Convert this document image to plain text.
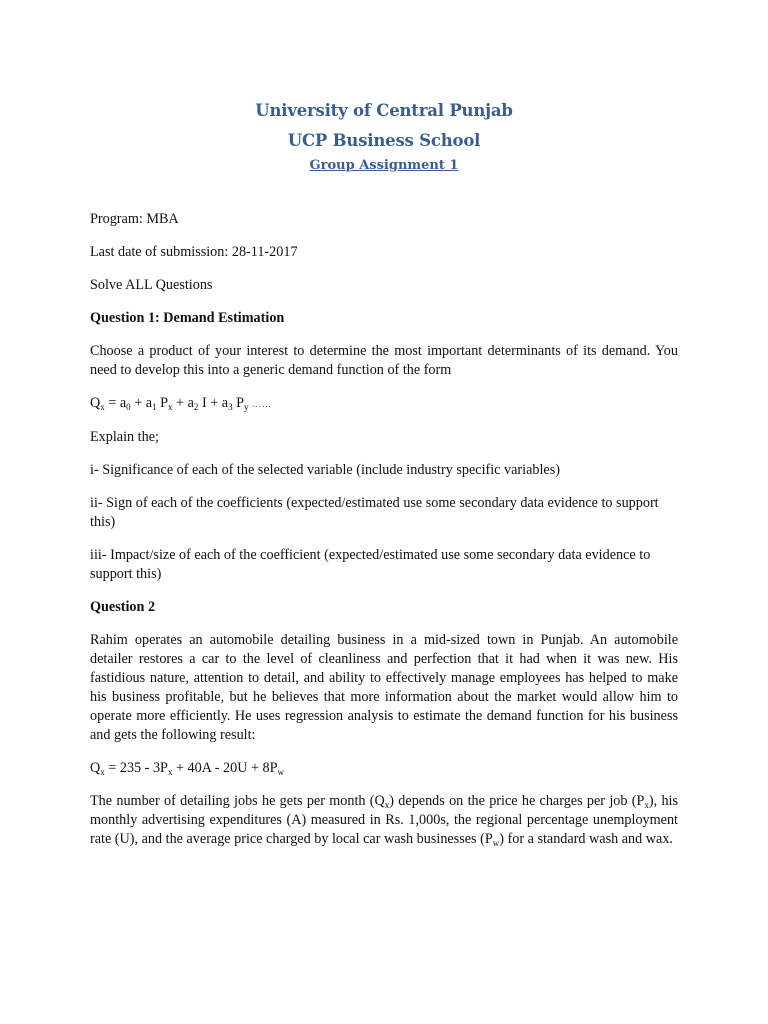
University of Central Punjab
UCP Business School
Group Assignment 1

Program: MBA

Last date of submission: 28-11-2017

Solve ALL Questions

Question 1: Demand Estimation

Choose a product of your interest to determine the most important determinants of its demand. You need to develop this into a generic demand function of the form

$Q_x = a_0 + a_1$ $P_x + a_2$ $I + a_3$ $P_y$ ……

Explain the;

i- Significance of each of the selected variable (include industry specific variables)

ii- Sign of each of the coefficients (expected/estimated use some secondary data evidence to support this)

iii- Impact/size of each of the coefficient (expected/estimated use some secondary data evidence to support this)

Question 2

Rahim operates an automobile detailing business in a mid-sized town in Punjab. An automobile detailer restores a car to the level of cleanliness and perfection that it had when it was new. His fastidious nature, attention to detail, and ability to effectively manage employees has helped to make his business profitable, but he believes that more information about the market would allow him to operate more efficiently. He uses regression analysis to estimate the demand function for his business and gets the following result:

$Q_x = 235 - 3P_x + 40A - 20U + 8P_w$

The number of detailing jobs he gets per month $(Q_x)$ depends on the price he charges per job $(P_x)$, his monthly advertising expenditures (A) measured in Rs. 1,000s, the regional percentage unemployment rate (U), and the average price charged by local car wash businesses $(P_w)$ for a standard wash and wax.
